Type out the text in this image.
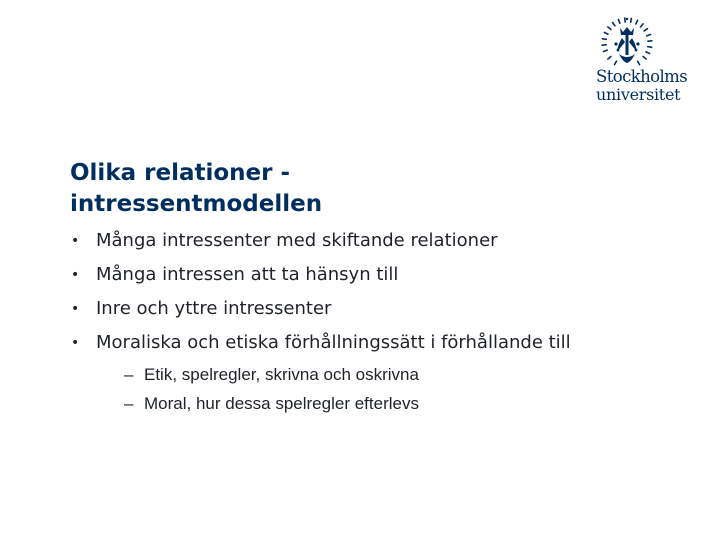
Stockholms
universitet
Olika relationer -
intressentmodellen
• Många intressenter med skiftande relationer
• Många intressen att ta hänsyn till
• Inre och yttre intressenter
• Moraliska och etiska förhållningssätt i förhållande till
– Etik, spelregler, skrivna och oskrivna
– Moral, hur dessa spelregler efterlevs
